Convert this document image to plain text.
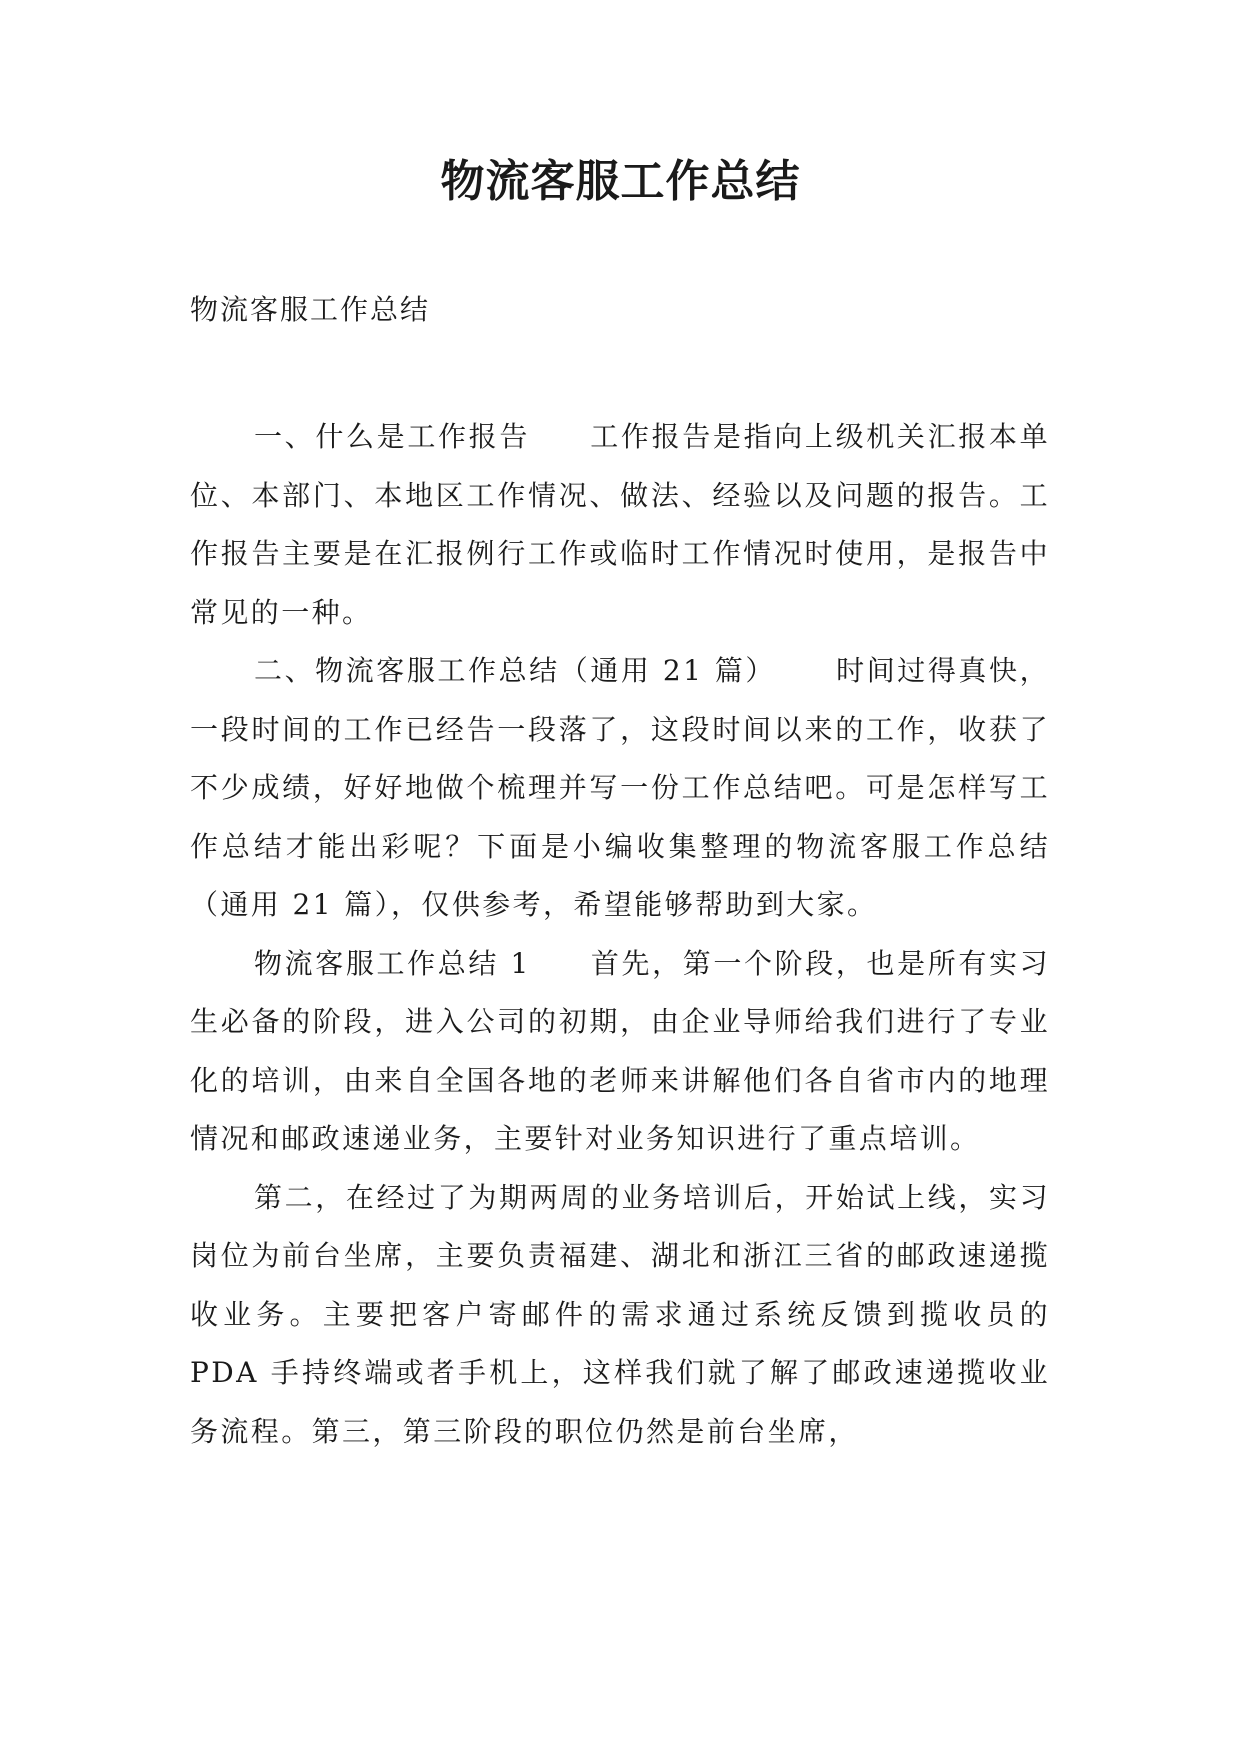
物流客服工作总结

物流客服工作总结

一、什么是工作报告 工作报告是指向上级机关汇报本单位、本部门、本地区工作情况、做法、经验以及问题的报告。工作报告主要是在汇报例行工作或临时工作情况时使用，是报告中常见的一种。

二、物流客服工作总结（通用 21 篇） 时间过得真快，一段时间的工作已经告一段落了，这段时间以来的工作，收获了不少成绩，好好地做个梳理并写一份工作总结吧。可是怎样写工作总结才能出彩呢？下面是小编收集整理的物流客服工作总结（通用 21 篇），仅供参考，希望能够帮助到大家。

物流客服工作总结 1 首先，第一个阶段，也是所有实习生必备的阶段，进入公司的初期，由企业导师给我们进行了专业化的培训，由来自全国各地的老师来讲解他们各自省市内的地理情况和邮政速递业务，主要针对业务知识进行了重点培训。

第二，在经过了为期两周的业务培训后，开始试上线，实习岗位为前台坐席，主要负责福建、湖北和浙江三省的邮政速递揽收业务。主要把客户寄邮件的需求通过系统反馈到揽收员的 PDA 手持终端或者手机上，这样我们就了解了邮政速递揽收业务流程。第三，第三阶段的职位仍然是前台坐席，
